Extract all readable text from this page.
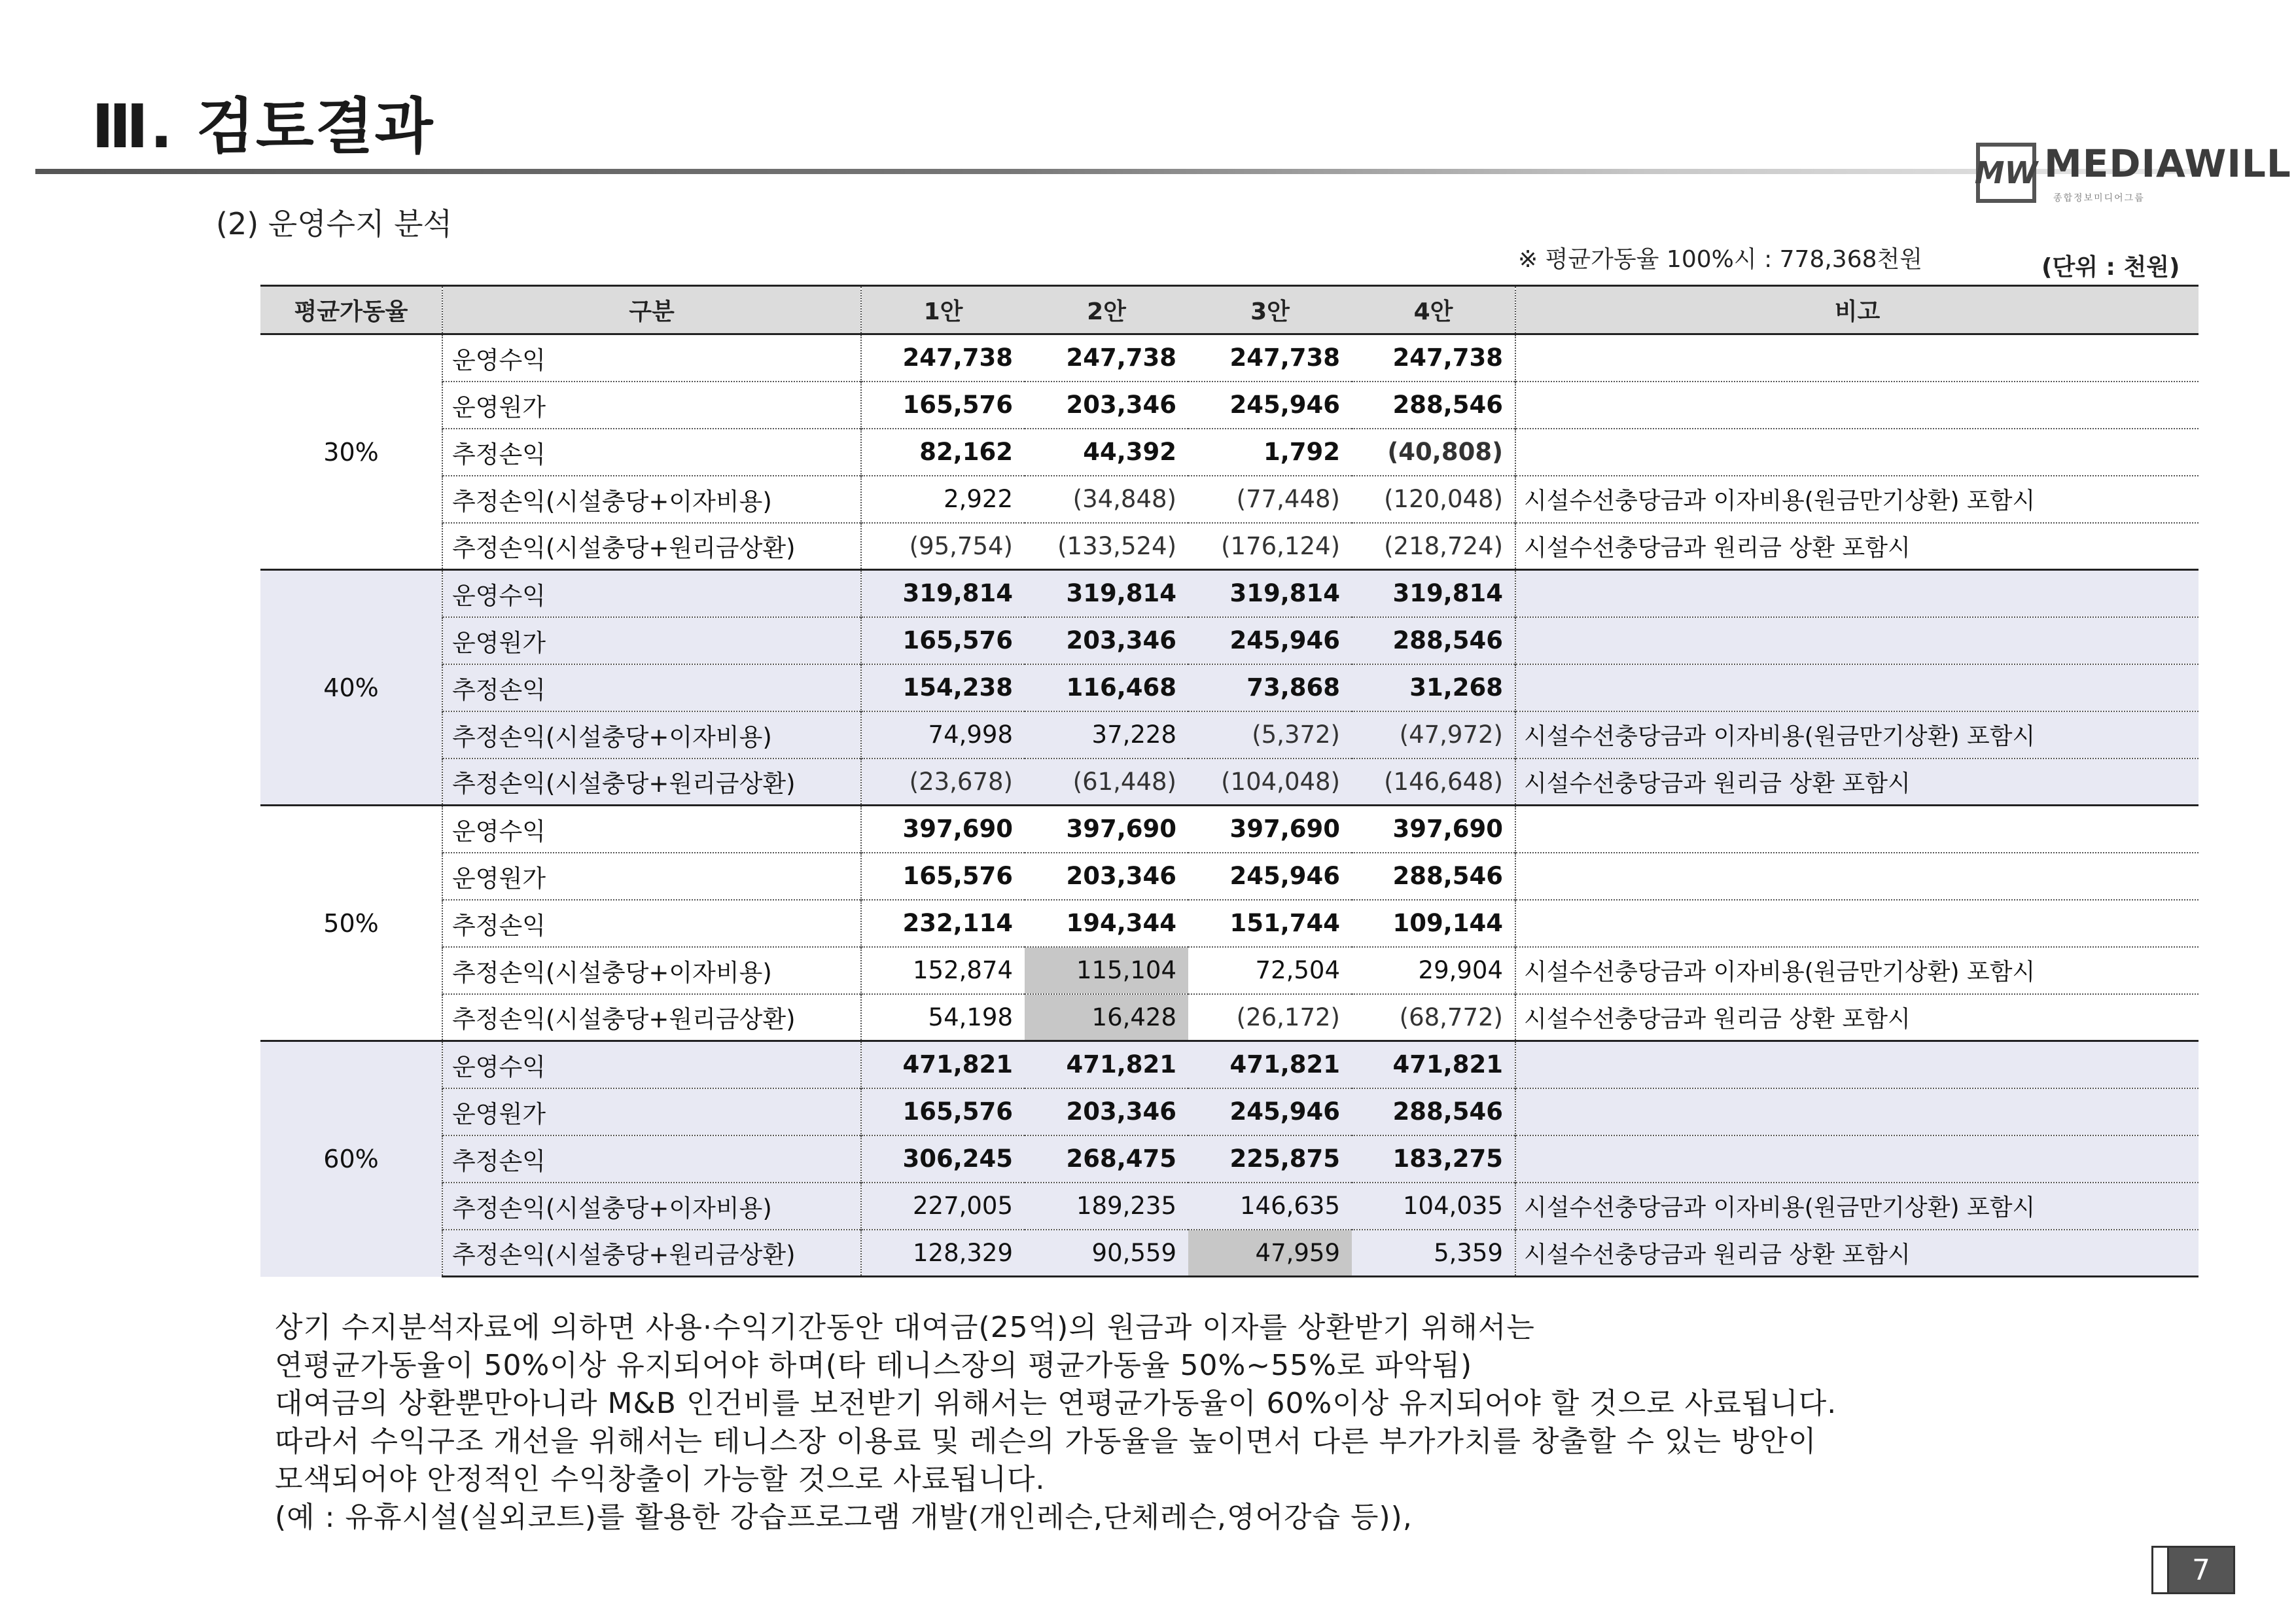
Ⅲ. 검토결과
MW MEDIAWILL
종합정보미디어그룹
(2) 운영수지 분석
※ 평균가동율 100%시 : 778,368천원	(단위 : 천원)
평균가동율	구분	1안	2안	3안	4안	비고
30%	운영수익	247,738	247,738	247,738	247,738	
	운영원가	165,576	203,346	245,946	288,546	
	추정손익	82,162	44,392	1,792	(40,808)	
	추정손익(시설충당+이자비용)	2,922	(34,848)	(77,448)	(120,048)	시설수선충당금과 이자비용(원금만기상환) 포함시
	추정손익(시설충당+원리금상환)	(95,754)	(133,524)	(176,124)	(218,724)	시설수선충당금과 원리금 상환 포함시
40%	운영수익	319,814	319,814	319,814	319,814	
	운영원가	165,576	203,346	245,946	288,546	
	추정손익	154,238	116,468	73,868	31,268	
	추정손익(시설충당+이자비용)	74,998	37,228	(5,372)	(47,972)	시설수선충당금과 이자비용(원금만기상환) 포함시
	추정손익(시설충당+원리금상환)	(23,678)	(61,448)	(104,048)	(146,648)	시설수선충당금과 원리금 상환 포함시
50%	운영수익	397,690	397,690	397,690	397,690	
	운영원가	165,576	203,346	245,946	288,546	
	추정손익	232,114	194,344	151,744	109,144	
	추정손익(시설충당+이자비용)	152,874	115,104	72,504	29,904	시설수선충당금과 이자비용(원금만기상환) 포함시
	추정손익(시설충당+원리금상환)	54,198	16,428	(26,172)	(68,772)	시설수선충당금과 원리금 상환 포함시
60%	운영수익	471,821	471,821	471,821	471,821	
	운영원가	165,576	203,346	245,946	288,546	
	추정손익	306,245	268,475	225,875	183,275	
	추정손익(시설충당+이자비용)	227,005	189,235	146,635	104,035	시설수선충당금과 이자비용(원금만기상환) 포함시
	추정손익(시설충당+원리금상환)	128,329	90,559	47,959	5,359	시설수선충당금과 원리금 상환 포함시

상기 수지분석자료에 의하면 사용·수익기간동안 대여금(25억)의 원금과 이자를 상환받기 위해서는

연평균가동율이 50%이상 유지되어야 하며(타 테니스장의 평균가동율 50%~55%로 파악됨)

대여금의 상환뿐만아니라 M&B 인건비를 보전받기 위해서는 연평균가동율이 60%이상 유지되어야 할 것으로 사료됩니다.

따라서 수익구조 개선을 위해서는 테니스장 이용료 및 레슨의 가동율을 높이면서 다른 부가가치를 창출할 수 있는 방안이

모색되어야 안정적인 수익창출이 가능할 것으로 사료됩니다.

(예 : 유휴시설(실외코트)를 활용한 강습프로그램 개발(개인레슨,단체레슨,영어강습 등)),

7
